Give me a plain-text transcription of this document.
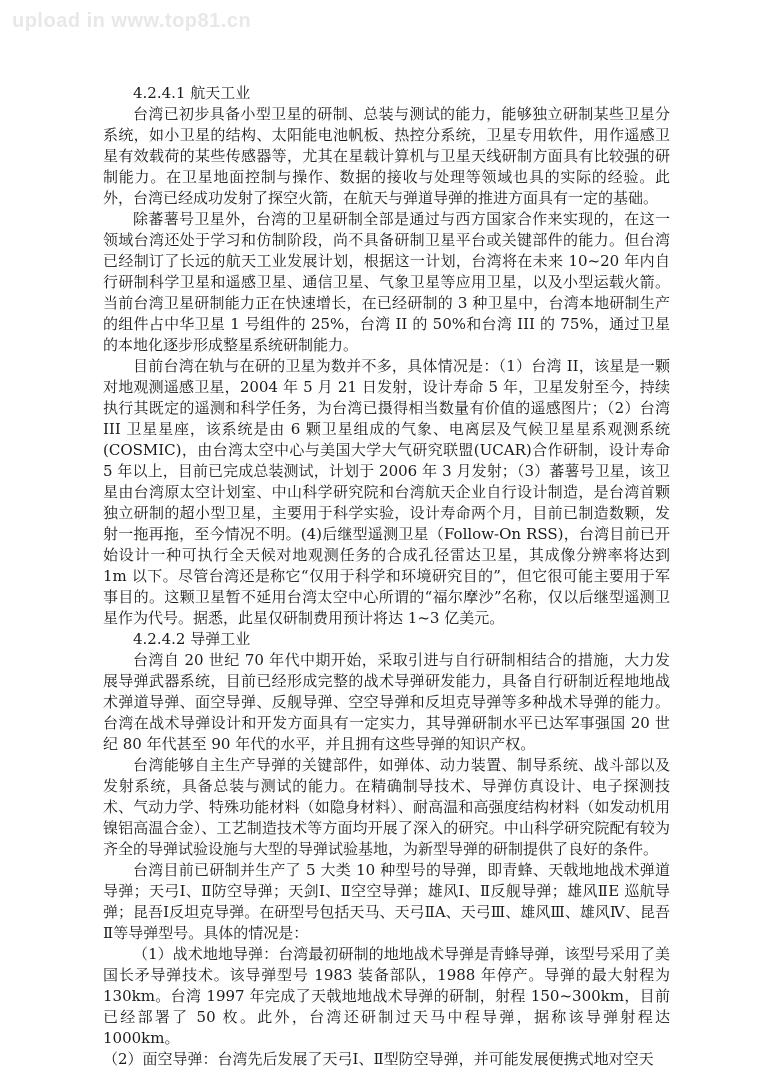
upload in www.top81.cn
4.2.4.1 航天工业

台湾已初步具备小型卫星的研制、总装与测试的能力，能够独立研制某些卫星分系统，如小卫星的结构、太阳能电池帆板、热控分系统，卫星专用软件，用作遥感卫星有效载荷的某些传感器等，尤其在星载计算机与卫星天线研制方面具有比较强的研制能力。在卫星地面控制与操作、数据的接收与处理等领域也具的实际的经验。此外，台湾已经成功发射了探空火箭，在航天与弹道导弹的推进方面具有一定的基础。

除蕃薯号卫星外，台湾的卫星研制全部是通过与西方国家合作来实现的，在这一领域台湾还处于学习和仿制阶段，尚不具备研制卫星平台或关键部件的能力。但台湾已经制订了长远的航天工业发展计划，根据这一计划，台湾将在未来 10~20 年内自行研制科学卫星和遥感卫星、通信卫星、气象卫星等应用卫星，以及小型运载火箭。当前台湾卫星研制能力正在快速增长，在已经研制的 3 种卫星中，台湾本地研制生产的组件占中华卫星 1 号组件的 25%，台湾 II 的 50%和台湾 III 的 75%，通过卫星的本地化逐步形成整星系统研制能力。

目前台湾在轨与在研的卫星为数并不多，具体情况是：（1）台湾 II，该星是一颗对地观测遥感卫星，2004 年 5 月 21 日发射，设计寿命 5 年，卫星发射至今，持续执行其既定的遥测和科学任务，为台湾已摄得相当数量有价值的遥感图片；（2）台湾 III 卫星星座，该系统是由 6 颗卫星组成的气象、电离层及气候卫星星系观测系统(COSMIC)，由台湾太空中心与美国大学大气研究联盟(UCAR)合作研制，设计寿命 5 年以上，目前已完成总装测试，计划于 2006 年 3 月发射；（3）蕃薯号卫星，该卫星由台湾原太空计划室、中山科学研究院和台湾航天企业自行设计制造，是台湾首颗独立研制的超小型卫星，主要用于科学实验，设计寿命两个月，目前已制造数颗，发射一拖再拖，至今情况不明。(4)后继型遥测卫星（Follow-On RSS)，台湾目前已开始设计一种可执行全天候对地观测任务的合成孔径雷达卫星，其成像分辨率将达到 1m 以下。尽管台湾还是称它“仅用于科学和环境研究目的”，但它很可能主要用于军事目的。这颗卫星暂不延用台湾太空中心所谓的“福尔摩沙”名称，仅以后继型遥测卫星作为代号。据悉，此星仅研制费用预计将达 1~3 亿美元。

4.2.4.2 导弹工业

台湾自 20 世纪 70 年代中期开始，采取引进与自行研制相结合的措施，大力发展导弹武器系统，目前已经形成完整的战术导弹研发能力，具备自行研制近程地地战术弹道导弹、面空导弹、反舰导弹、空空导弹和反坦克导弹等多种战术导弹的能力。台湾在战术导弹设计和开发方面具有一定实力，其导弹研制水平已达军事强国 20 世纪 80 年代甚至 90 年代的水平，并且拥有这些导弹的知识产权。

台湾能够自主生产导弹的关键部件，如弹体、动力装置、制导系统、战斗部以及发射系统，具备总装与测试的能力。在精确制导技术、导弹仿真设计、电子探测技术、气动力学、特殊功能材料（如隐身材料）、耐高温和高强度结构材料（如发动机用镍铝高温合金）、工艺制造技术等方面均开展了深入的研究。中山科学研究院配有较为齐全的导弹试验设施与大型的导弹试验基地，为新型导弹的研制提供了良好的条件。

台湾目前已研制并生产了 5 大类 10 种型号的导弹，即青蜂、天戟地地战术弹道导弹；天弓Ⅰ、Ⅱ防空导弹；天剑Ⅰ、Ⅱ空空导弹；雄风Ⅰ、Ⅱ反舰导弹；雄风ⅡE 巡航导弹；昆吾Ⅰ反坦克导弹。在研型号包括天马、天弓ⅡA、天弓Ⅲ、雄风Ⅲ、雄风Ⅳ、昆吾Ⅱ等导弹型号。具体的情况是：

（1）战术地地导弹：台湾最初研制的地地战术导弹是青蜂导弹，该型号采用了美国长矛导弹技术。该导弹型号 1983 装备部队，1988 年停产。导弹的最大射程为 130km。台湾 1997 年完成了天戟地地战术导弹的研制，射程 150~300km，目前已经部署了 50 枚。此外，台湾还研制过天马中程导弹，据称该导弹射程达 1000km。

（2）面空导弹：台湾先后发展了天弓Ⅰ、Ⅱ型防空导弹，并可能发展便携式地对空天
